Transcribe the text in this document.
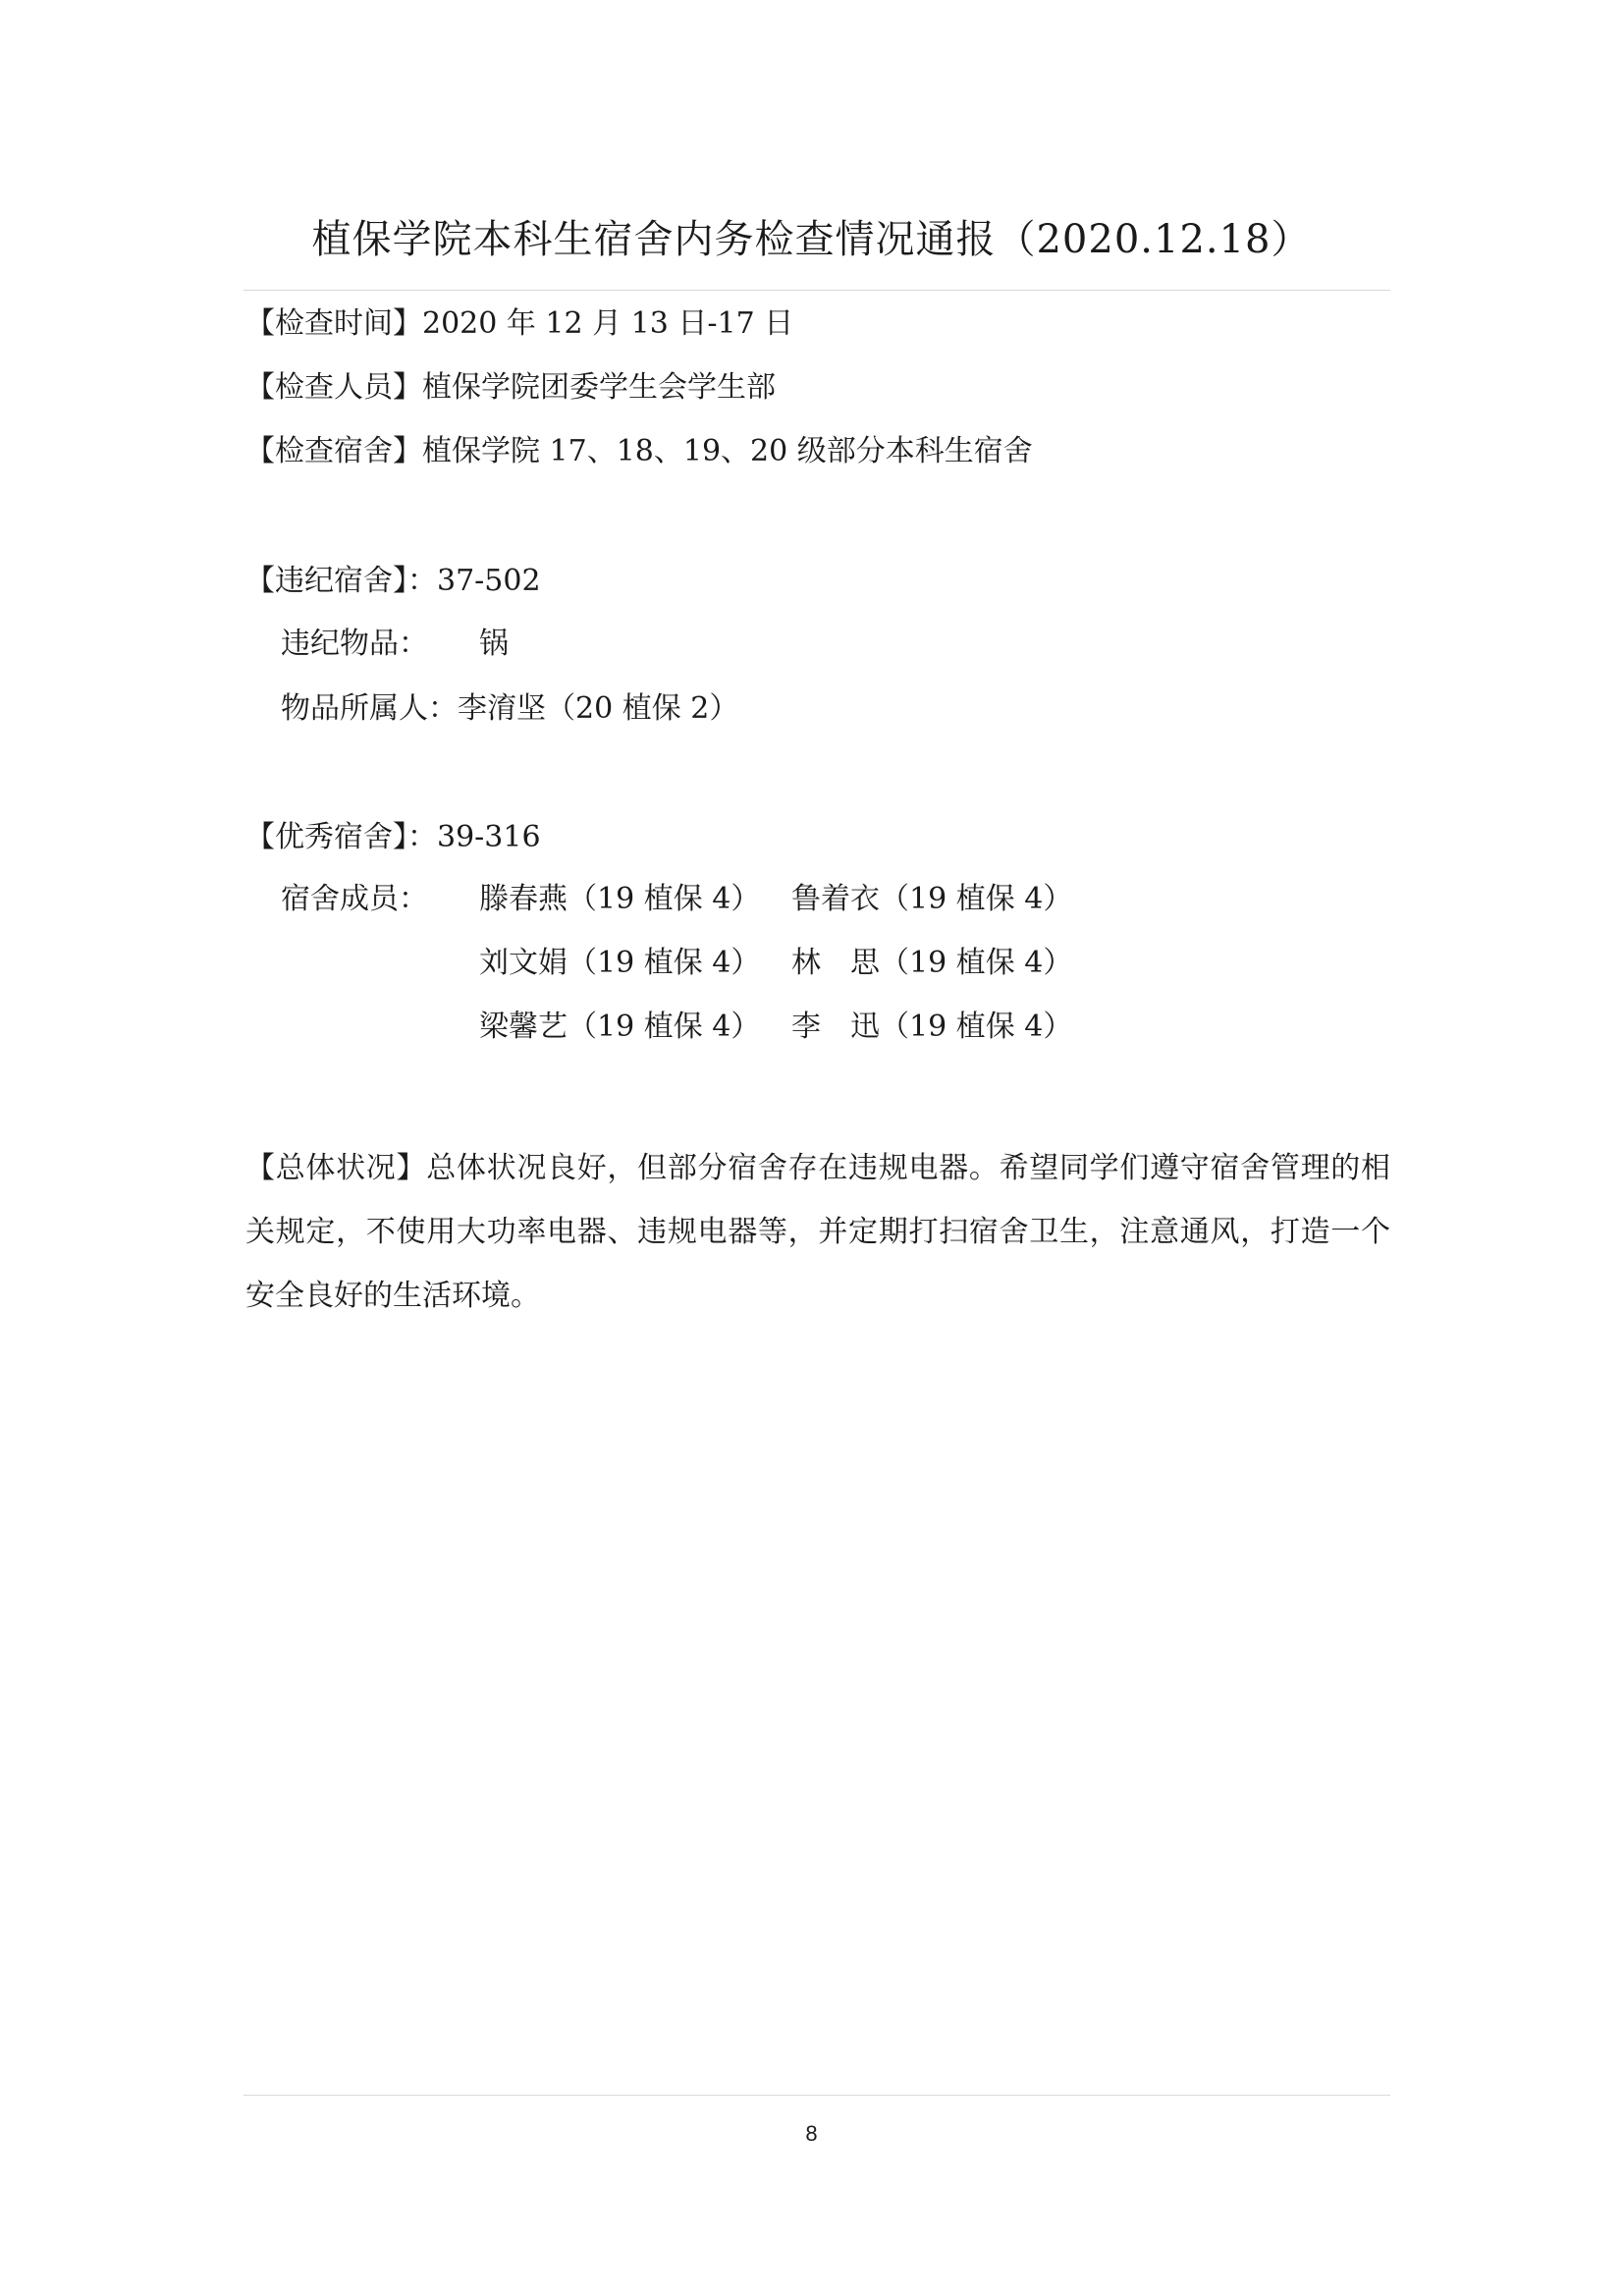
植保学院本科生宿舍内务检查情况通报（2020.12.18）
【检查时间】2020 年 12 月 13 日-17 日
【检查人员】植保学院团委学生会学生部
【检查宿舍】植保学院 17、18、19、20 级部分本科生宿舍
【违纪宿舍】：37-502
违纪物品： 锅
物品所属人：李淯坚（20 植保 2）
【优秀宿舍】：39-316
宿舍成员： 滕春燕（19 植保 4） 鲁着衣（19 植保 4）
刘文娟（19 植保 4） 林　思（19 植保 4）
梁馨艺（19 植保 4） 李　迅（19 植保 4）
【总体状况】总体状况良好，但部分宿舍存在违规电器。希望同学们遵守宿舍管理的相关规定，不使用大功率电器、违规电器等，并定期打扫宿舍卫生，注意通风，打造一个安全良好的生活环境。
8
